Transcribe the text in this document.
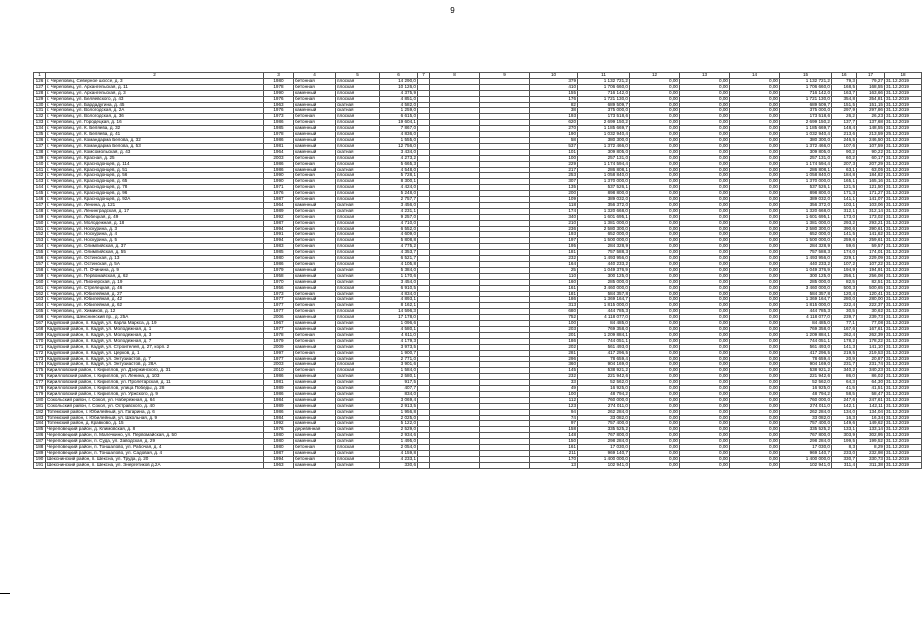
9
1	2	3	4	5	6	7	8	9	10	11	12	13	14	15	16	17	18
126	г. Череповец, Северное шоссе, д. 3	1980	бетонная	плоская	14 290,0				379	1 132 721,2	0,00	0,00	0,00	1 132 721,2	79,3	79,27	31.12.2019
127	г. Череповец, ул. Архангельская, д. 11	1978	бетонная	плоская	10 126,0				410	1 706 660,0	0,00	0,00	0,00	1 706 660,0	168,5	168,55	31.12.2019
128	г. Череповец, ул. Архангельская, д. 3	1990	каменный	плоская	4 375,9				155	716 142,0	0,00	0,00	0,00	716 142,0	163,7	163,66	31.12.2019
129	г. Череповец, ул. Беляевского, д. 43	1976	бетонная	плоская	4 851,0				176	1 721 130,0	0,00	0,00	0,00	1 721 130,0	354,8	354,81	31.12.2019
130	г. Череповец, ул. Бардадугина, д. 45	1963	каменный	скатная	4 582,0				82	689 509,7	0,00	0,00	0,00	689 509,7	151,5	151,15	31.12.2019
131	г. Череповец, ул. Вологодская, д. 2А	1976	каменный	скатная	1 259,0				38	375 000,0	0,00	0,00	0,00	375 000,0	297,9	297,86	31.12.2019
132	г. Череповец, ул. Вологодская, д. 36	1973	бетонная	плоская	6 615,0				193	173 518,6	0,00	0,00	0,00	173 518,6	26,2	26,23	31.12.2019
133	г. Череповец, ул. Городецкая, д. 16	1986	бетонная	плоская	19 604,1				620	2 699 150,2	0,00	0,00	0,00	2 699 150,2	137,7	137,68	31.12.2019
134	г. Череповец, ул. К. Беляева, д. 32	1985	каменный	плоская	7 867,0				270	1 185 669,7	0,00	0,00	0,00	1 185 669,7	148,4	148,55	31.12.2019
135	г. Череповец, ул. К. Беляева, д. 41	1978	каменный	плоская	4 836,0				190	1 032 940,4	0,00	0,00	0,00	1 032 940,4	213,6	213,59	25.12.2019
136	г. Череповец, ул. Командарма Белова, д. 32	1986	каменный	плоская	1 555,0				58	380 300,0	0,00	0,00	0,00	380 300,0	246,5	246,50	31.12.2019
137	г. Череповец, ул. Командарма Белова, д. 53	1981	каменный	плоская	12 756,0				537	1 372 466,0	0,00	0,00	0,00	1 372 466,0	107,6	107,59	31.12.2019
138	г. Череповец, ул. Комсомольская, д. 43	1964	каменный	скатная	3 434,0				101	309 805,0	0,00	0,00	0,00	309 805,0	90,2	90,22	31.12.2019
139	г. Череповец, ул. Красная, д. 25	2003	бетонная	плоская	4 273,2				100	257 131,0	0,00	0,00	0,00	257 131,0	60,2	60,17	31.12.2019
140	г. Череповец, ул. Краснодонцев, д. 114	1986	бетонная	плоская	5 665,3				229	1 174 594,4	0,00	0,00	0,00	1 174 594,4	207,3	207,29	31.12.2019
141	г. Череповец, ул. Краснодонцев, д. 51	1986	каменный	скатная	4 548,0				217	286 808,1	0,00	0,00	0,00	286 808,1	63,1	63,05	31.12.2019
142	г. Череповец, ул. Краснодонцев, д. 56	1990	бетонная	плоская	5 728,1				253	1 058 840,0	0,00	0,00	0,00	1 058 840,0	184,8	184,82	31.12.2019
143	г. Череповец, ул. Краснодонцев, д. 65	1990	бетонная	плоская	8 300,1				307	1 370 000,0	0,00	0,00	0,00	1 370 000,0	165,1	165,16	31.12.2019
144	г. Череповец, ул. Краснодонцев, д. 78	1971	бетонная	плоская	4 424,0				135	537 526,1	0,00	0,00	0,00	537 526,1	121,5	121,50	31.12.2019
145	г. Череповец, ул. Краснодонцев, д. 96	1976	бетонная	плоская	5 248,0				200	898 800,0	0,00	0,00	0,00	898 800,0	171,3	171,27	31.12.2019
146	г. Череповец, ул. Краснодонцев, д. 92А	1987	бетонная	плоская	2 757,7				109	389 032,0	0,00	0,00	0,00	389 032,0	141,1	141,07	31.12.2019
147	г. Череповец, ул. Ленина, д. 121	1964	каменный	скатная	3 456,0				118	356 372,0	0,00	0,00	0,00	356 372,0	103,1	103,06	31.12.2019
148	г. Череповец, ул. Ленинградская, д. 17	1989	бетонная	скатная	4 231,1				174	1 320 668,0	0,00	0,00	0,00	1 320 668,0	312,1	312,14	31.12.2019
149	г. Череповец, ул. Любецкая, д. 49	1992	бетонная	плоская	9 257,0				340	1 601 695,1	0,00	0,00	0,00	1 601 695,1	173,0	173,02	31.12.2019
150	г. Череповец, ул. Молодежная, д. 18	1987	бетонная	плоская	4 710,0				210	1 381 000,0	0,00	0,00	0,00	1 381 000,0	293,2	293,21	31.12.2019
151	г. Череповец, ул. Носкурина, д. 3	1994	бетонная	плоская	6 552,0				236	2 580 300,0	0,00	0,00	0,00	2 580 300,0	390,6	390,61	31.12.2019
152	г. Череповец, ул. Носкурина, д. 4	1991	бетонная	плоская	4 609,0				193	652 000,0	0,00	0,00	0,00	652 000,0	141,5	141,62	31.12.2019
153	г. Череповец, ул. Носкурина, д. 5	1994	бетонная	плоская	5 808,8				197	1 500 000,0	0,00	0,00	0,00	1 500 000,0	259,6	259,61	31.12.2019
154	г. Череповец, ул. Олимпийская, д. 37	1983	бетонная	плоская	4 775,2				195	284 328,9	0,00	0,00	0,00	284 328,9	59,6	59,57	31.12.2019
155	г. Череповец, ул. Олимпийская, д. 55	1985	бетонная	плоская	4 353,7				181	757 588,3	0,00	0,00	0,00	757 588,3	174,0	174,01	31.12.2019
156	г. Череповец, ул. Остинская, д. 13	1980	бетонная	плоская	6 521,7				232	1 493 956,0	0,00	0,00	0,00	1 493 956,0	229,1	229,09	31.12.2019
157	г. Череповец, ул. Остинская, д. 5А	1986	бетонная	плоская	4 105,8				164	440 233,2	0,00	0,00	0,00	440 233,2	107,2	107,22	31.12.2019
158	г. Череповец, ул. П. Очинина, д. 9	1979	каменный	скатная	5 384,0				25	1 049 376,9	0,00	0,00	0,00	1 049 376,9	194,9	194,91	31.12.2019
159	г. Череповец, ул. Первомайская, д. 62	1958	каменный	скатная	1 170,6				110	300 125,0	0,00	0,00	0,00	300 125,0	256,1	256,08	31.12.2019
160	г. Череповец, ул. Пионерская, д. 19	1970	каменный	скатная	3 454,0				160	285 000,0	0,00	0,00	0,00	285 000,0	82,5	82,51	31.12.2019
161	г. Череповец, ул. Стрелецкая, д. 46	1956	каменный	плоская	6 910,5				161	3 460 000,0	0,00	0,00	0,00	3 460 000,0	500,3	500,65	31.12.2019
162	г. Череповец, ул. Юбилейная, д. 27	1973	бетонная	скатная	4 834,0				181	584 357,8	0,00	0,00	0,00	584 357,8	120,4	120,41	31.12.2019
163	г. Череповец, ул. Юбилейная, д. 42	1977	каменный	скатная	4 893,1				186	1 369 164,7	0,00	0,00	0,00	1 369 164,7	280,0	280,00	31.12.2019
164	г. Череповец, ул. Юбилейная, д. 62	1977	бетонная	скатная	8 162,1				313	1 815 000,0	0,00	0,00	0,00	1 815 000,0	222,4	222,37	31.12.2019
165	г. Череповец, ул. Химиков, д. 12	1977	бетонная	плоская	14 596,3				680	444 785,3	0,00	0,00	0,00	444 785,3	30,5	30,62	31.12.2019
166	г. Череповец, Шекснинский пр., д. 25А	2006	каменный	плоская	17 178,0				752	4 118 077,0	0,00	0,00	0,00	4 118 077,0	239,7	239,73	31.12.2019
167	Кадуйский район, п. Кадуй, ул. Карла Маркса, д. 19	1967	каменный	скатная	1 096,6				100	84 485,0	0,00	0,00	0,00	84 485,0	77,1	77,08	31.12.2019
168	Кадуйский район, п. Кадуй, ул. Молодежная, д. 1	1977	каменный	скатная	4 580,1				203	769 358,0	0,00	0,00	0,00	769 358,0	167,6	167,61	31.12.2019
169	Кадуйский район, п. Кадуй, ул. Молодежная, д. 3	1978	бетонная	скатная	4 611,0				201	1 209 884,1	0,00	0,00	0,00	1 209 884,1	262,4	262,39	31.12.2019
170	Кадуйский район, п. Кадуй, ул. Молодежная, д. 7	1979	бетонная	скатная	4 179,3				186	744 051,1	0,00	0,00	0,00	744 051,1	178,2	178,22	31.12.2019
171	Кадуйский район, п. Кадуй, ул. Строителей, д. 27, корп. 2	2009	каменный	скатная	3 973,5				202	561 493,0	0,00	0,00	0,00	561 493,0	141,3	141,10	31.12.2019
172	Кадуйский район, п. Кадуй, ул. Церков, д. 1	1997	бетонная	скатная	1 900,7				281	417 296,5	0,00	0,00	0,00	417 296,5	219,5	219,53	31.12.2019
173	Кадуйский район, п. Кадуй, ул. Энтузиастов, д. 7	1977	каменный	скатная	2 771,0				296	78 659,4	0,00	0,00	0,00	78 659,4	20,9	20,87	31.12.2019
174	Кадуйский район, п. Кадуй, ул. Энтузиастов, д. 28А	2003	каменный	плоская	3 901,6				360	904 169,0	0,00	0,00	0,00	904 169,0	231,7	231,74	31.12.2019
175	Кирилловский район, г. Кириллов, ул. Дзержинского, д. 31	2010	бетонная	плоская	1 584,0				145	538 921,2	0,00	0,00	0,00	538 921,2	340,2	340,23	31.12.2019
176	Кирилловский район, г. Кириллов, ул. Ленина, д. 103	1986	каменный	скатная	2 580,1				232	221 942,6	0,00	0,00	0,00	221 942,6	86,0	86,02	31.12.2019
177	Кирилловский район, г. Кириллов, ул. Пролетарская, д. 11	1981	каменный	скатная	917,5				33	52 562,0	0,00	0,00	0,00	52 562,0	64,3	64,30	31.12.2019
178	Кирилловский район, г. Кириллов, улица Победы, д. 28	1989	каменный	скатная	407,7				49	16 925,0	0,00	0,00	0,00	16 925,0	41,5	41,51	31.12.2019
179	Кирилловский район, г. Кириллов, ул. Уржского, д. 9	1986	каменный	скатная	834,0				100	48 794,2	0,00	0,00	0,00	48 794,2	58,5	58,47	31.12.2019
180	Сокольский район, г. Сокол, ул. Набережная, д. 64	1984	каменный	скатная	3 069,4				112	760 000,0	0,00	0,00	0,00	760 000,0	247,6	247,61	31.12.2019
181	Сокольский район, г. Сокол, ул. Остравского, д. 40	1989	каменный	скатная	2 913,5				123	274 011,0	0,00	0,00	0,00	274 011,0	142,1	142,11	31.12.2019
182	Тотемский район, г. Юбилейный, ул. Гагарина, д. 6	1986	каменный	скатная	1 956,8				94	262 284,0	0,00	0,00	0,00	262 284,0	134,0	134,04	31.12.2019
183	Тотемский район, г. Юбилейный, ул. Школьная, д. 9	1984	каменный	скатная	2 025,0				74	33 082,0	0,00	0,00	0,00	33 082,0	16,3	16,34	31.12.2019
184	Тотемский район, д. Кравково, д. 15	1992	каменный	скатная	5 122,0				97	757 400,0	0,00	0,00	0,00	757 400,0	149,6	149,62	31.12.2019
185	Череповецкий район, д. Климовская, д. 8	1976	деревянная	скатная	2 529,0				158	335 525,2	0,00	0,00	0,00	335 525,2	133,1	133,14	31.12.2019
186	Череповецкий район, п. Малечкино, ул. Первомайская, д. 50	1980	каменный	скатная	2 934,6				148	767 800,0	0,00	0,00	0,00	767 800,0	303,9	302,95	31.12.2019
187	Череповецкий район, п. Суда, ул. Заводская, д. 29	1980	каменный	скатная	1 495,0				150	298 284,0	0,00	0,00	0,00	298 284,0	199,5	199,52	31.12.2019
188	Череповецкий район, п. Тоншалово, ул. Рабочая, д. 4	1980	бетонная	плоская	2 054,0				161	17 030,0	0,00	0,00	0,00	17 030,0	8,3	8,29	31.12.2019
189	Череповецкий район, п. Тоншалово, ул. Садовая, д. 4	1987	каменный	скатная	4 159,8				211	969 140,7	0,00	0,00	0,00	969 140,7	233,0	232,98	31.12.2019
190	Шекснинский район, п. Шексна, ул. Труда, д. 20	1994	бетонная	плоская	4 233,1				170	1 400 000,0	0,00	0,00	0,00	1 400 000,0	330,7	330,73	31.12.2019
191	Шекснинский район, п. Шексна, ул. Энергетиков д.2А	1963	каменный	скатная	330,6				13	102 941,0	0,00	0,00	0,00	102 941,0	311,4	311,38	31.12.2019
